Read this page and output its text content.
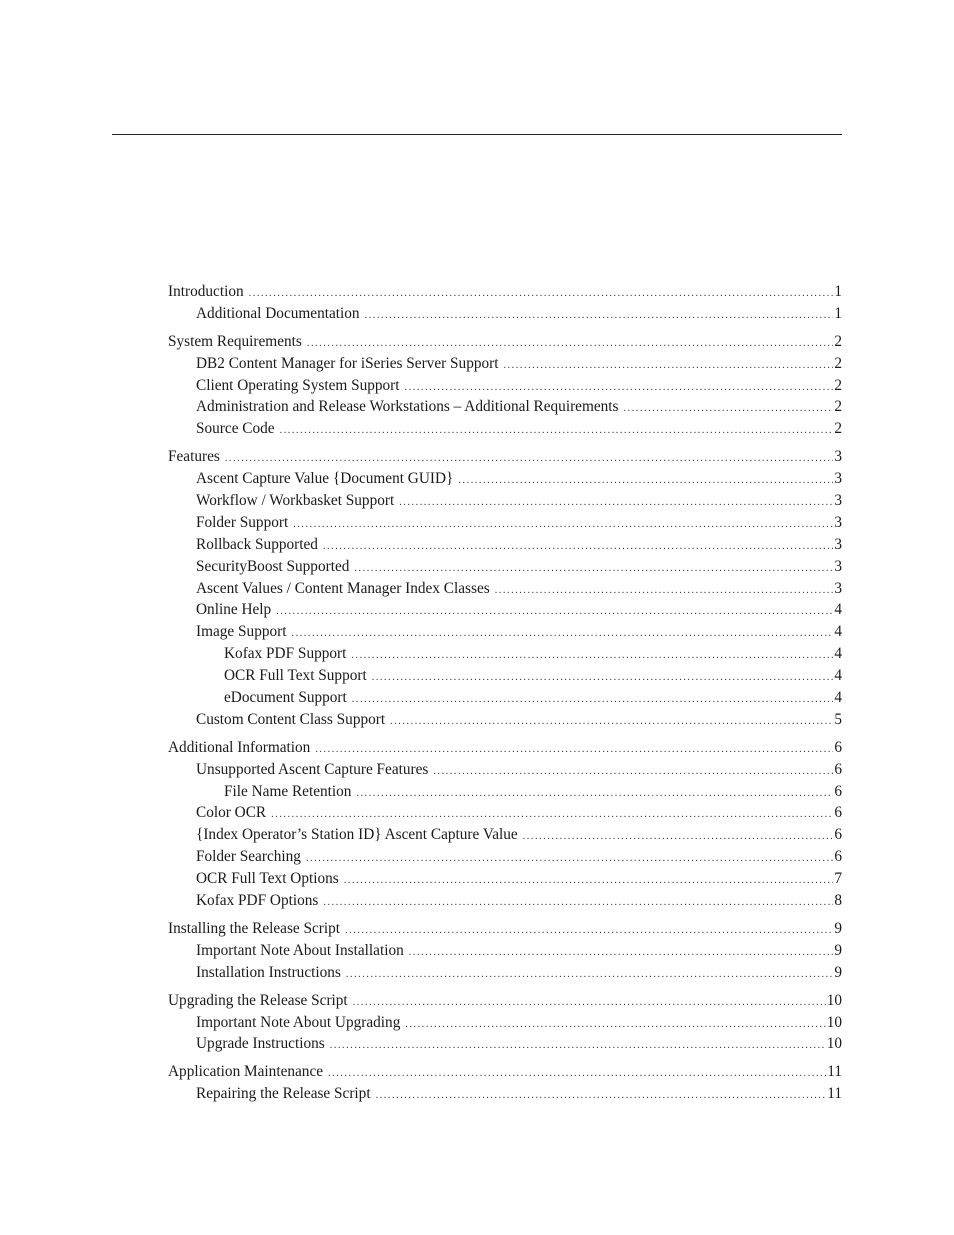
Introduction .....	1
Additional Documentation .....	1
System Requirements .....	2
DB2 Content Manager for iSeries Server Support .....	2
Client Operating System Support .....	2
Administration and Release Workstations – Additional Requirements .....	2
Source Code .....	2
Features .....	3
Ascent Capture Value {Document GUID} .....	3
Workflow / Workbasket Support .....	3
Folder Support .....	3
Rollback Supported .....	3
SecurityBoost Supported .....	3
Ascent Values / Content Manager Index Classes .....	3
Online Help .....	4
Image Support .....	4
Kofax PDF Support .....	4
OCR Full Text Support .....	4
eDocument Support .....	4
Custom Content Class Support .....	5
Additional Information .....	6
Unsupported Ascent Capture Features .....	6
File Name Retention .....	6
Color OCR .....	6
{Index Operator’s Station ID} Ascent Capture Value .....	6
Folder Searching .....	6
OCR Full Text Options .....	7
Kofax PDF Options .....	8
Installing the Release Script .....	9
Important Note About Installation .....	9
Installation Instructions .....	9
Upgrading the Release Script .....	10
Important Note About Upgrading .....	10
Upgrade Instructions .....	10
Application Maintenance .....	11
Repairing the Release Script .....	11
